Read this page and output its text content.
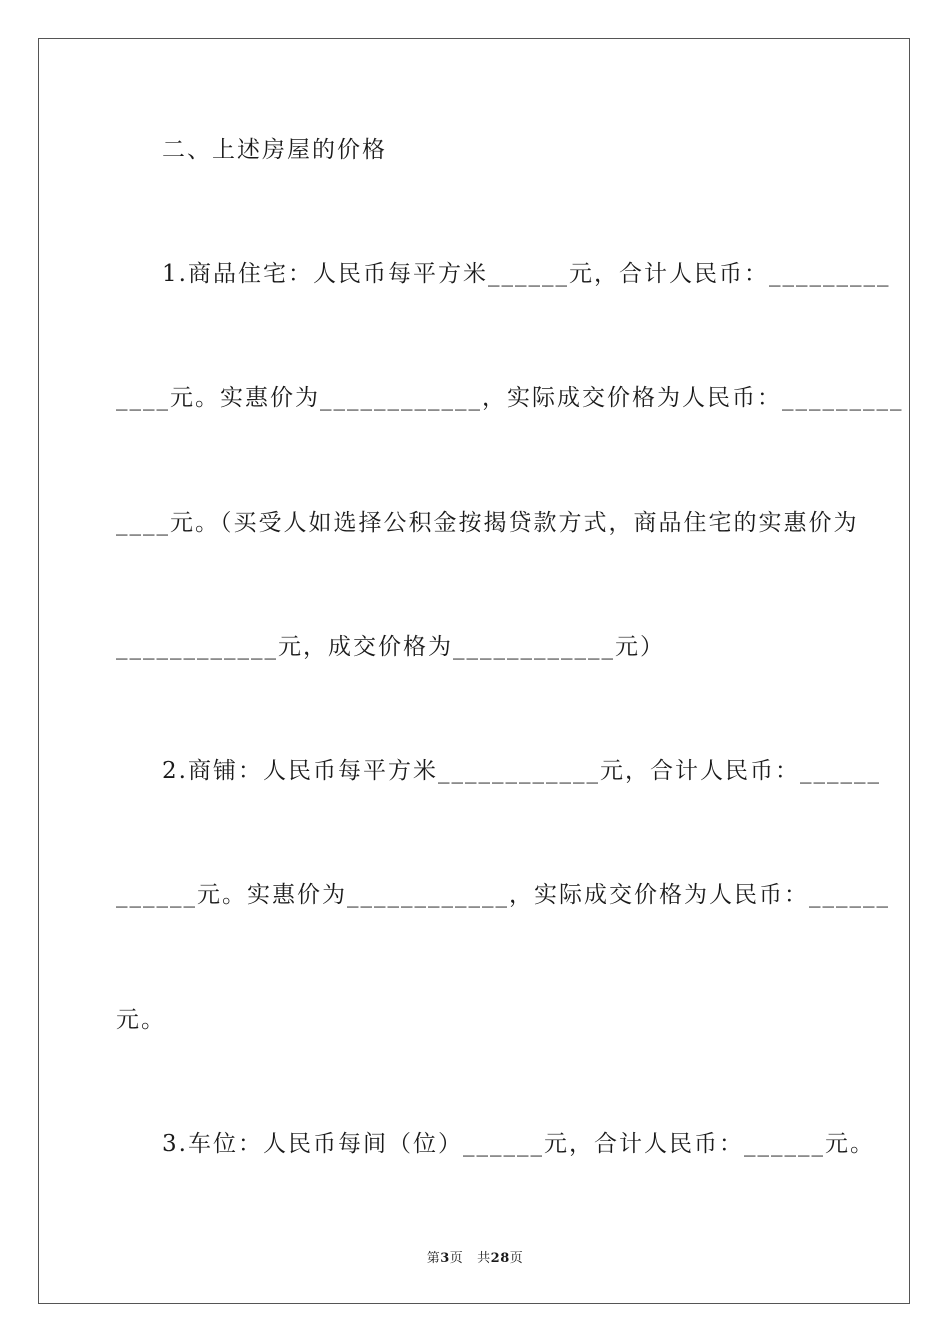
二、上述房屋的价格

1.商品住宅：人民币每平方米______元，合计人民币：_________

____元。实惠价为____________，实际成交价格为人民币：_________

____元。（买受人如选择公积金按揭贷款方式，商品住宅的实惠价为

____________元，成交价格为____________元）

2.商铺：人民币每平方米____________元，合计人民币：______

______元。实惠价为____________，实际成交价格为人民币：______

元。

3.车位：人民币每间（位）______元，合计人民币：______元。

第3页   共28页
